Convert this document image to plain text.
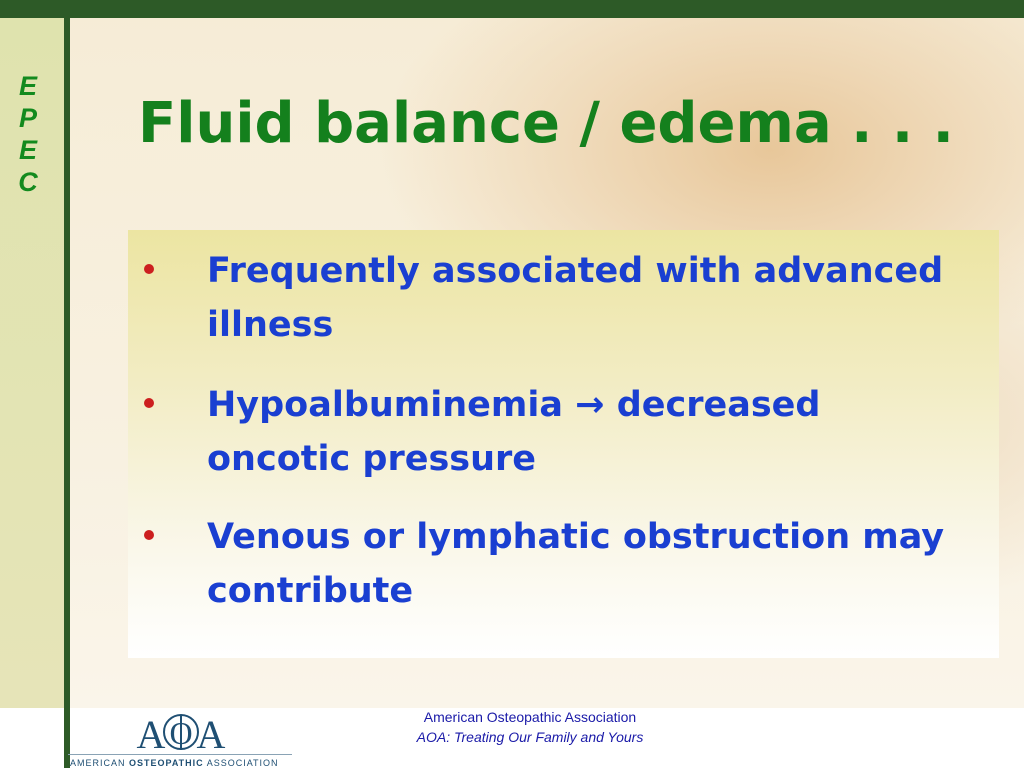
E
P
E
C
Fluid balance / edema . . .
Frequently associated with advanced illness
Hypoalbuminemia → decreased oncotic pressure
Venous or lymphatic obstruction may contribute
A O A
AMERICAN OSTEOPATHIC ASSOCIATION
American Osteopathic Association
AOA: Treating Our Family and Yours
